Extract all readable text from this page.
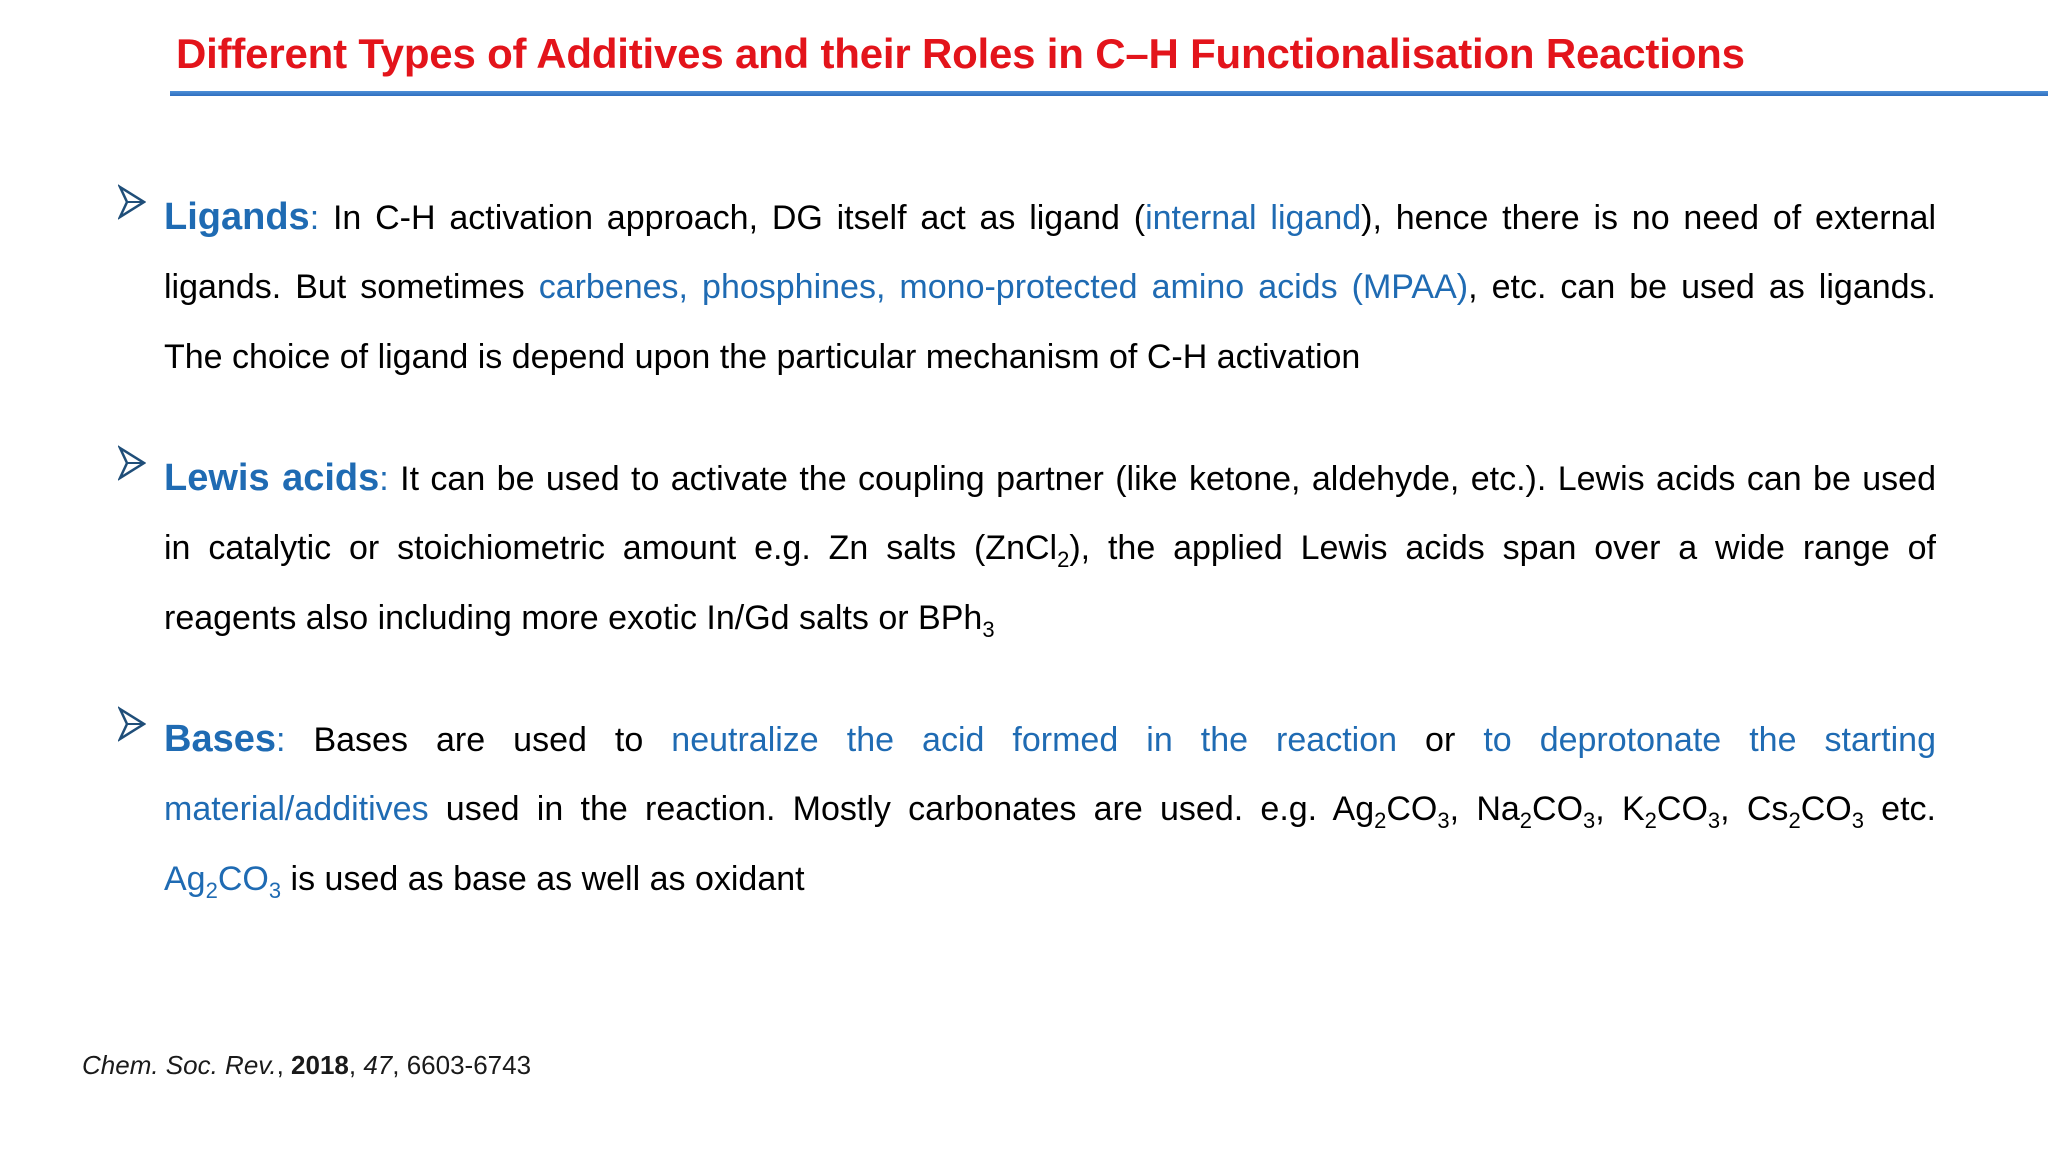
Different Types of Additives and their Roles in C–H Functionalisation Reactions
Ligands: In C-H activation approach, DG itself act as ligand (internal ligand), hence there is no need of external
ligands. But sometimes carbenes, phosphines, mono-protected amino acids (MPAA), etc. can be used as ligands.
The choice of ligand is depend upon the particular mechanism of C-H activation
Lewis acids: It can be used to activate the coupling partner (like ketone, aldehyde, etc.). Lewis acids can be used
in catalytic or stoichiometric amount e.g. Zn salts (ZnCl$_2$), the applied Lewis acids span over a wide range of
reagents also including more exotic In/Gd salts or BPh$_3$
Bases: Bases are used to neutralize the acid formed in the reaction or to deprotonate the starting
material/additives used in the reaction. Mostly carbonates are used. e.g. $Ag_2CO_3$, $Na_2CO_3$, $K_2CO_3$, $Cs_2CO_3$ etc.
$Ag_2CO_3$ is used as base as well as oxidant
Chem. Soc. Rev., 2018, 47, 6603-6743
